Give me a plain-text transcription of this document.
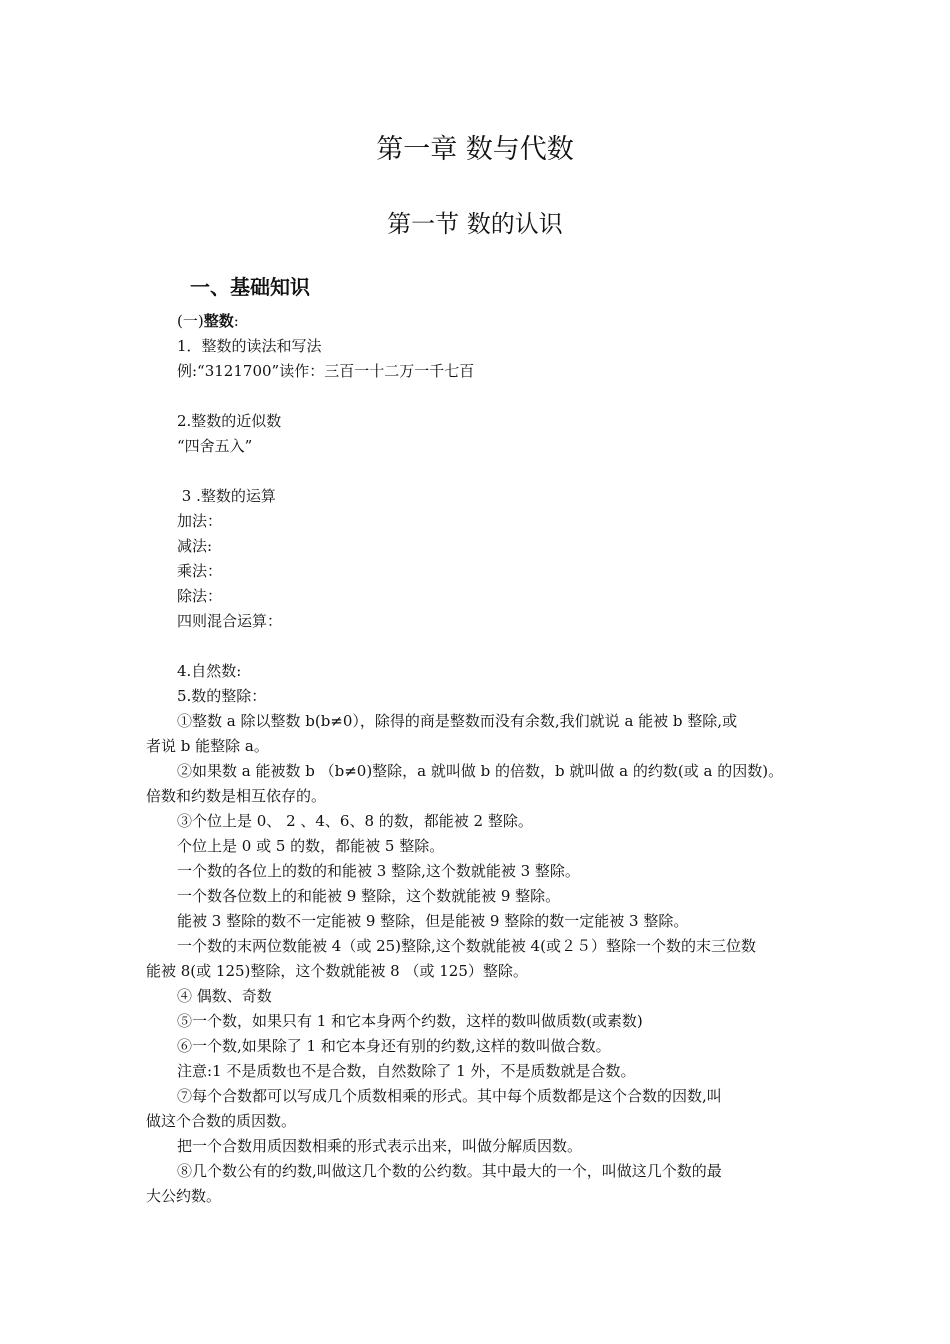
第一章 数与代数
第一节 数的认识
一、基础知识
(一)整数:
1．整数的读法和写法
例:“3121700”读作：三百一十二万一千七百
2.整数的近似数
“四舍五入”
3 .整数的运算
加法：
减法:
乘法：
除法：
四则混合运算：
4.自然数:
5.数的整除：
①整数 a 除以整数 b(b≠0），除得的商是整数而没有余数,我们就说 a 能被 b 整除,或
者说 b 能整除 a。
②如果数 a 能被数 b （b≠0)整除，a 就叫做 b 的倍数，b 就叫做 a 的约数(或 a 的因数)。
倍数和约数是相互依存的。
③个位上是 0、 2 、4、6、8 的数，都能被 2 整除。
个位上是 0 或 5 的数，都能被 5 整除。
一个数的各位上的数的和能被 3 整除,这个数就能被 3 整除。
一个数各位数上的和能被 9 整除，这个数就能被 9 整除。
能被 3 整除的数不一定能被 9 整除，但是能被 9 整除的数一定能被 3 整除。
一个数的末两位数能被 4（或 25)整除,这个数就能被 4(或２５）整除一个数的末三位数
能被 8(或 125)整除，这个数就能被 8 （或 125）整除。
④ 偶数、奇数
⑤一个数，如果只有 1 和它本身两个约数，这样的数叫做质数(或素数)
⑥一个数,如果除了 1 和它本身还有别的约数,这样的数叫做合数。
注意:1 不是质数也不是合数，自然数除了 1 外，不是质数就是合数。
⑦每个合数都可以写成几个质数相乘的形式。其中每个质数都是这个合数的因数,叫
做这个合数的质因数。
把一个合数用质因数相乘的形式表示出来，叫做分解质因数。
⑧几个数公有的约数,叫做这几个数的公约数。其中最大的一个，叫做这几个数的最
大公约数。
